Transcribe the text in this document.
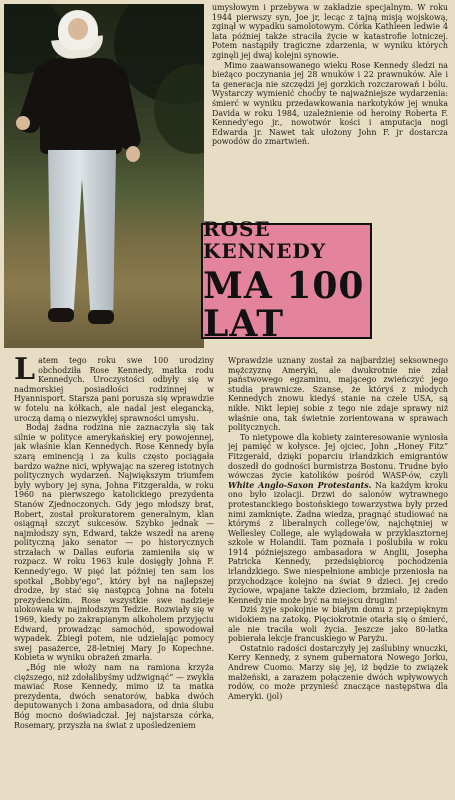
umysłowym i przebywa w zakładzie specjalnym. W roku 1944 pierwszy syn, Joe jr, lecąc z tajną misją wojskową, zginął w wypadku samolotowym. Córka Kathleen ledwie 4 lata później także straciła życie w katastrofie lotniczej. Potem nastąpiły tragiczne zdarzenia, w wyniku których zginęli jej dwaj kolejni synowie.

Mimo zaawansowanego wieku Rose Kennedy śledzi na bieżąco poczynania jej 28 wnuków i 22 prawnuków. Ale i ta generacja nie szczędzi jej gorzkich rozczarowań i bólu. Wystarczy wymienić choćby te najważniejsze wydarzenia: śmierć w wyniku przedawkowania narkotyków jej wnuka Davida w roku 1984, uzależnienie od heroiny Roberta F. Kennedy'ego jr., nowotwór kości i amputacja nogi Edwarda jr. Nawet tak ułożony John F. jr dostarcza powodów do zmartwień.

ROSE KENNEDY
MA 100 LAT

Latem tego roku swe 100 urodziny obchodziła Rose Kennedy, matka rodu Kennedych. Uroczystości odbyły się w nadmorskiej posiadłości rodzinnej w Hyannisport. Starsza pani porusza się wprawdzie w fotelu na kółkach, ale nadal jest elegancką, uroczą damą o niezwykłej sprawności umysłu.

Bodaj żadna rodzina nie zaznaczyła się tak silnie w polityce amerykańskiej ery powojennej, jak właśnie klan Kennedych. Rose Kennedy była szarą eminencją i za kulis często pociągała bardzo ważne nici, wpływając na szereg istotnych politycznych wydarzeń. Największym triumfem były wybory jej syna, Johna Fitzgeralda, w roku 1960 na pierwszego katolickiego prezydenta Stanów Zjednoczonych. Gdy jego młodszy brat, Robert, został prokuratorem generalnym, klan osiągnął szczyt sukcesów. Szybko jednak — najmłodszy syn, Edward, także wszedł na arenę polityczną jako senator — po historycznych strzałach w Dallas euforia zamieniła się w rozpacz. W roku 1963 kule dosięgły Johna F. Kennedy'ego. W pięć lat później ten sam los spotkał „Bobby'ego”, który był na najlepszej drodze, by stać się następcą Johna na fotelu prezydenckim. Rose wszystkie swe nadzieje ulokowała w najmłodszym Tedzie. Rozwiały się w 1969, kiedy po zakrapianym alkoholem przyjęciu Edward, prowadząc samochód, spowodował wypadek. Zbiegł potem, nie udzielając pomocy swej pasażerce, 28-letniej Mary Jo Kopechne. Kobieta w wyniku obrażeń zmarła.

„Bóg nie włoży nam na ramiona krzyża cięższego, niż zdołalibyśmy udźwignąć” — zwykła mawiać Rose Kennedy, mimo iż ta matka prezydenta, dwóch senatorów, babka dwóch deputowanych i żona ambasadora, od dnia ślubu Bóg mocno doświadczał. Jej najstarsza córka, Rosemary, przyszła na świat z upośledzeniem

Wprawdzie uznany został za najbardziej seksownego mężczyznę Ameryki, ale dwukrotnie nie zdał państwowego egzaminu, mającego zwieńczyć jego studia prawnicze. Szanse, że któryś z młodych Kennedych znowu kiedyś stanie na czele USA, są nikłe. Nikt lepiej sobie z tego nie zdaje sprawy niż właśnie ona, tak świetnie zorientowana w sprawach politycznych.

To nietypowe dla kobiety zainteresowanie wyniosła jej pamięć w kołysce. Jej ojciec, John „Honey Fitz” Fitzgerald, dzięki poparciu irlandzkich emigrantów doszedł do godności burmistrza Bostonu. Trudne było wówczas życie katolików pośród WASP-ów, czyli White Anglo-Saxon Protestants. Na każdym kroku ono było izolacji. Drzwi do salonów wytrawnego protestanckiego bostońskiego towarzystwa były przed nimi zamknięte. Żadna wiedza, pragnąć studiować na którymś z liberalnych college'ów, najchętniej w Wellesley College, ale wylądowała w przyklasztornej szkole w Holandii. Tam poznała i poślubiła w roku 1914 późniejszego ambasadora w Anglii, Josepha Patricka Kennedy, przedsiębiorcę pochodzenia irlandzkiego. Swe niespełnione ambicje przeniosła na przychodzące kolejno na świat 9 dzieci. Jej credo życiowe, wpajane także dzieciom, brzmiało, iż żaden Kennedy nie może być na miejscu drugim!

Dziś żyje spokojnie w białym domu z przepięknym widokiem na zatokę. Pięciokrotnie otarła się o śmierć, ale nie traciła woli życia. Jeszcze jako 80-latka pobierała lekcje francuskiego w Paryżu.

Ostatnio radości dostarczyły jej zaślubiny wnuczki, Kerry Kennedy, z synem gubernatora Nowego Jorku, Andrew Cuomo. Marzy się jej, iż będzie to związek małżeński, a zarazem połączenie dwóch wpływowych rodów, co może przynieść znaczące następstwa dla Ameryki. (jol)
